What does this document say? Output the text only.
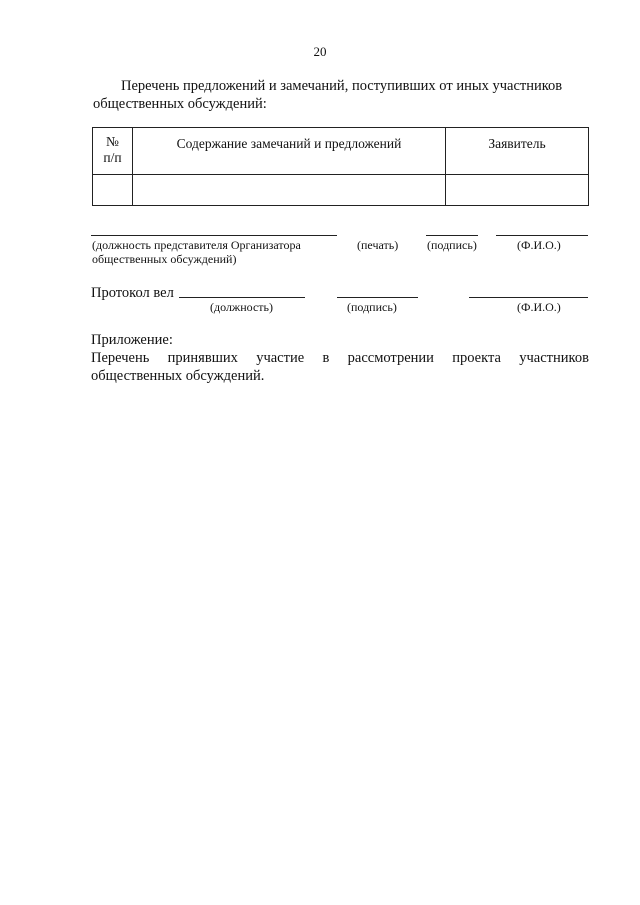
20
Перечень предложений и замечаний, поступивших от иных участников
общественных обсуждений:
№
п/п	Содержание замечаний и предложений	Заявитель

(должность представителя Организатора
общественных обсуждений)
(печать) (подпись)	(Ф.И.О.)
Протокол вел
(должность)	(подпись)	(Ф.И.О.)
Приложение:
Перечень принявших участие в рассмотрении проекта участников
общественных обсуждений.
